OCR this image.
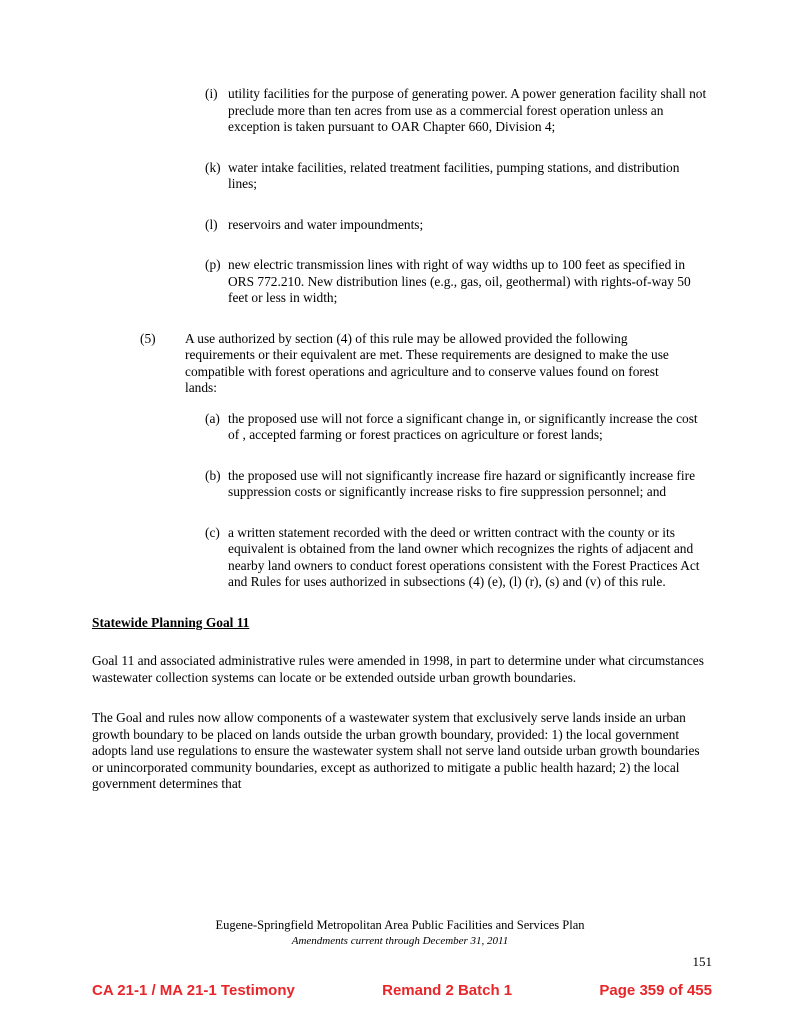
(i) utility facilities for the purpose of generating power. A power generation facility shall not preclude more than ten acres from use as a commercial forest operation unless an exception is taken pursuant to OAR Chapter 660, Division 4;
(k) water intake facilities, related treatment facilities, pumping stations, and distribution lines;
(l) reservoirs and water impoundments;
(p) new electric transmission lines with right of way widths up to 100 feet as specified in ORS 772.210. New distribution lines (e.g., gas, oil, geothermal) with rights-of-way 50 feet or less in width;
(5)	A use authorized by section (4) of this rule may be allowed provided the following requirements or their equivalent are met. These requirements are designed to make the use compatible with forest operations and agriculture and to conserve values found on forest lands:
(a) the proposed use will not force a significant change in, or significantly increase the cost of , accepted farming or forest practices on agriculture or forest lands;
(b) the proposed use will not significantly increase fire hazard or significantly increase fire suppression costs or significantly increase risks to fire suppression personnel; and
(c) a written statement recorded with the deed or written contract with the county or its equivalent is obtained from the land owner which recognizes the rights of adjacent and nearby land owners to conduct forest operations consistent with the Forest Practices Act and Rules for uses authorized in subsections (4) (e), (l) (r), (s) and (v) of this rule.
Statewide Planning Goal 11

Goal 11 and associated administrative rules were amended in 1998, in part to determine under what circumstances wastewater collection systems can locate or be extended outside urban growth boundaries.

The Goal and rules now allow components of a wastewater system that exclusively serve lands inside an urban growth boundary to be placed on lands outside the urban growth boundary, provided: 1) the local government adopts land use regulations to ensure the wastewater system shall not serve land outside urban growth boundaries or unincorporated community boundaries, except as authorized to mitigate a public health hazard; 2) the local government determines that

Eugene-Springfield Metropolitan Area Public Facilities and Services Plan
Amendments current through December 31, 2011
151
CA 21-1 / MA 21-1 Testimony	Remand 2 Batch 1	Page 359 of 455
